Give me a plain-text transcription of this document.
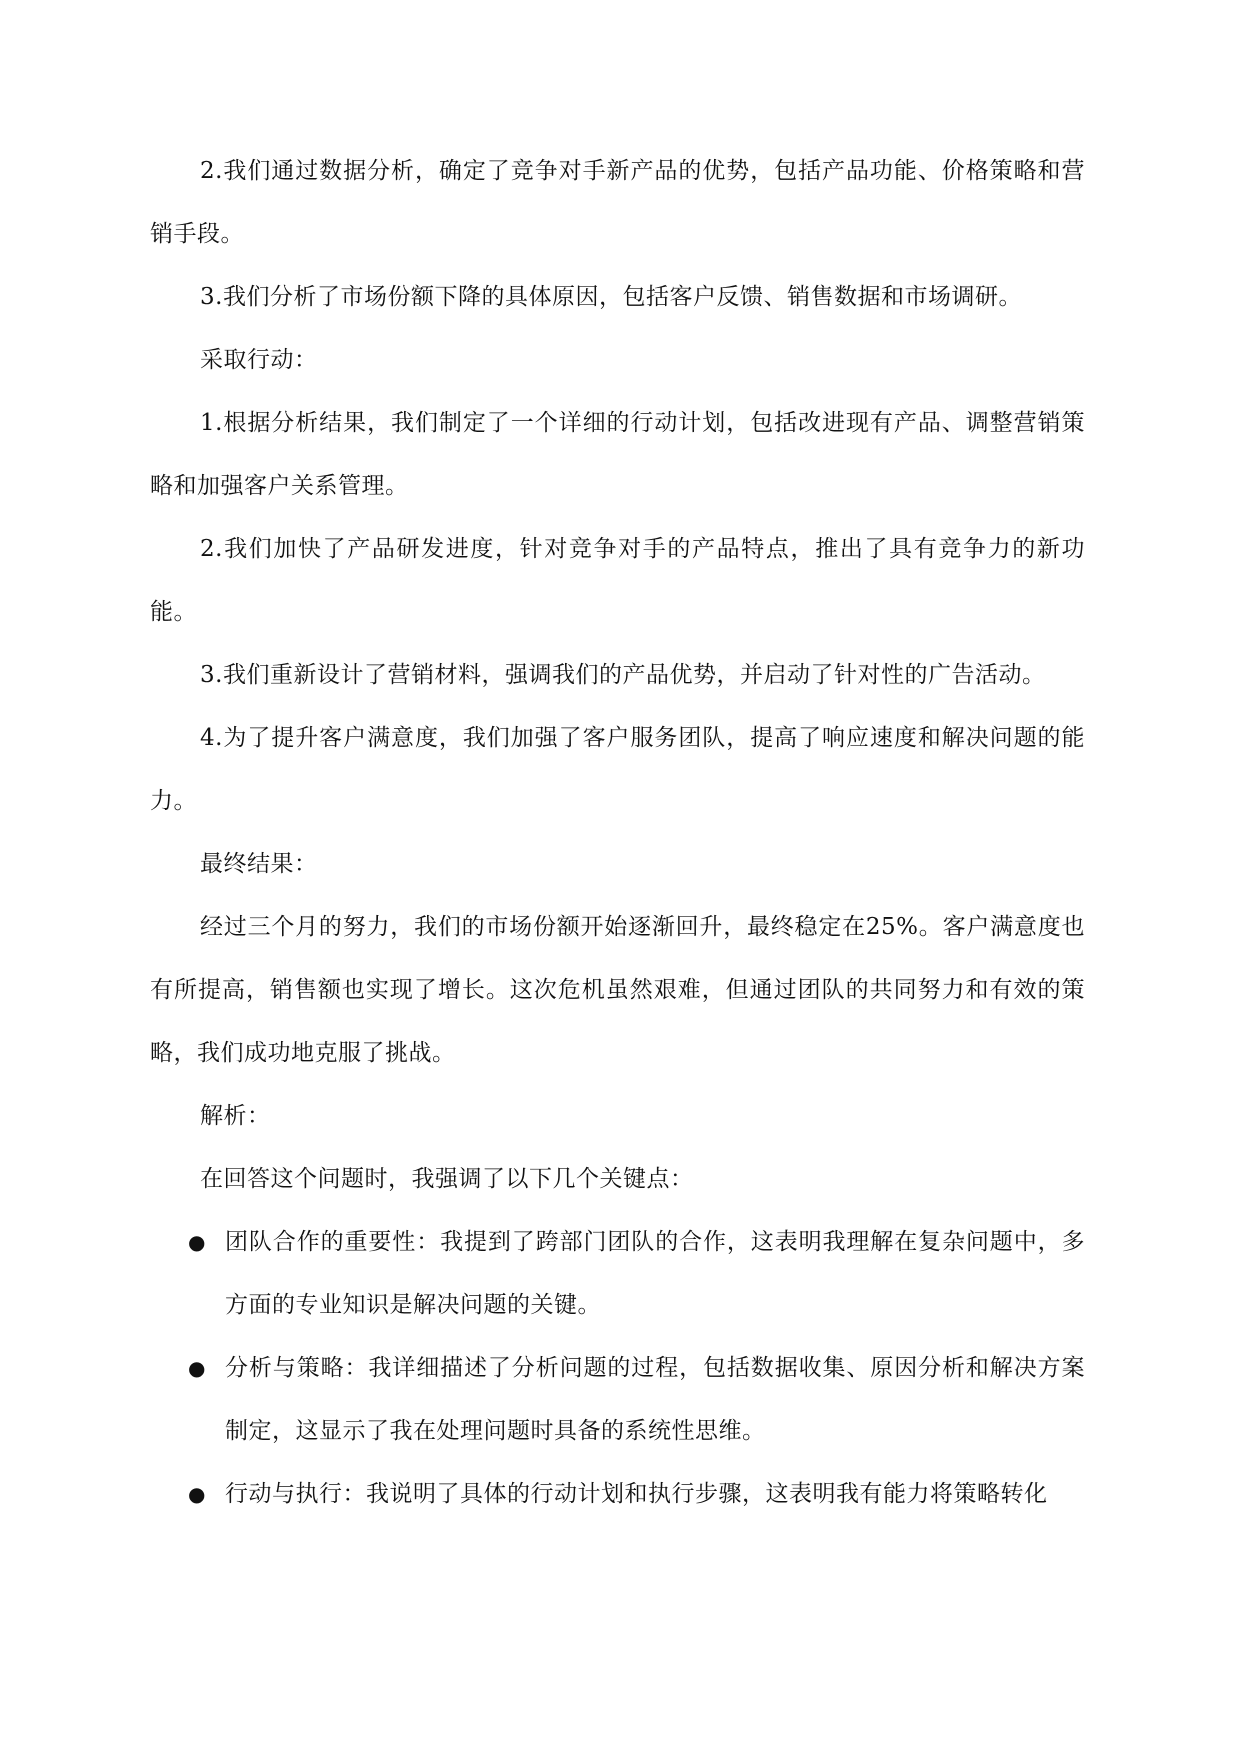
2.我们通过数据分析，确定了竞争对手新产品的优势，包括产品功能、价格策略和营销手段。

3.我们分析了市场份额下降的具体原因，包括客户反馈、销售数据和市场调研。

采取行动：

1.根据分析结果，我们制定了一个详细的行动计划，包括改进现有产品、调整营销策略和加强客户关系管理。

2.我们加快了产品研发进度，针对竞争对手的产品特点，推出了具有竞争力的新功能。

3.我们重新设计了营销材料，强调我们的产品优势，并启动了针对性的广告活动。

4.为了提升客户满意度，我们加强了客户服务团队，提高了响应速度和解决问题的能力。

最终结果：

经过三个月的努力，我们的市场份额开始逐渐回升，最终稳定在25%。客户满意度也有所提高，销售额也实现了增长。这次危机虽然艰难，但通过团队的共同努力和有效的策略，我们成功地克服了挑战。

解析：

在回答这个问题时，我强调了以下几个关键点：

● 团队合作的重要性：我提到了跨部门团队的合作，这表明我理解在复杂问题中，多方面的专业知识是解决问题的关键。
● 分析与策略：我详细描述了分析问题的过程，包括数据收集、原因分析和解决方案制定，这显示了我在处理问题时具备的系统性思维。
● 行动与执行：我说明了具体的行动计划和执行步骤，这表明我有能力将策略转化
